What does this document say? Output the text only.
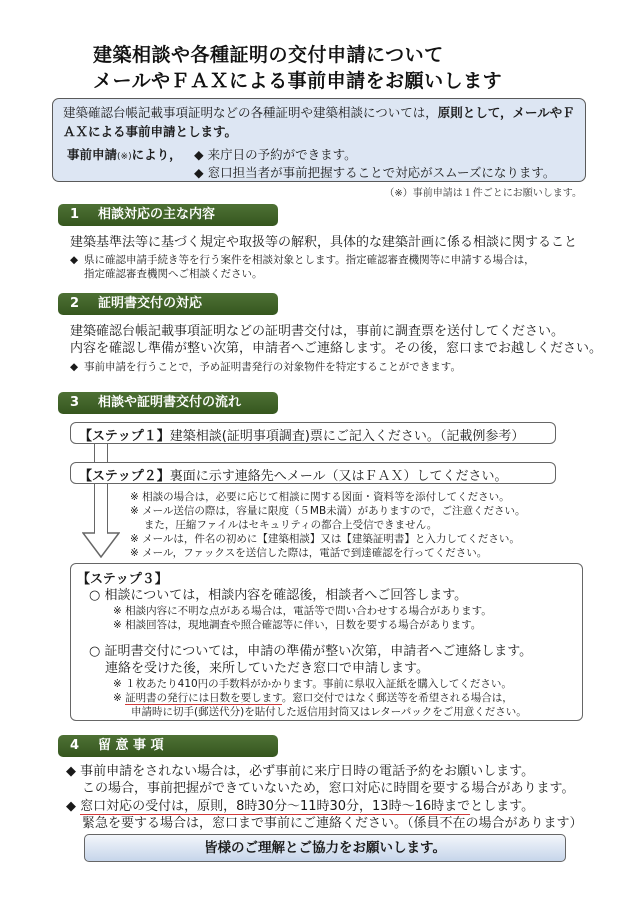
建築相談や各種証明の交付申請について
メールやＦＡＸによる事前申請をお願いします
建築確認台帳記載事項証明などの各種証明や建築相談については，原則として，メールやＦＡＸによる事前申請とします。
事前申請(※)により， ◆ 来庁日の予約ができます。
◆ 窓口担当者が事前把握することで対応がスムーズになります。
（※）事前申請は１件ごとにお願いします。
1 相談対応の主な内容
建築基準法等に基づく規定や取扱等の解釈，具体的な建築計画に係る相談に関すること
◆ 県に確認申請手続き等を行う案件を相談対象とします。指定確認審査機関等に申請する場合は，
指定確認審査機関へご相談ください。
2 証明書交付の対応
建築確認台帳記載事項証明などの証明書交付は，事前に調査票を送付してください。
内容を確認し準備が整い次第，申請者へご連絡します。その後，窓口までお越しください。
◆ 事前申請を行うことで，予め証明書発行の対象物件を特定することができます。
3 相談や証明書交付の流れ
【ステップ１】建築相談(証明事項調査)票にご記入ください。（記載例参考）
【ステップ２】裏面に示す連絡先へメール（又はＦＡＸ）してください。
※ 相談の場合は，必要に応じて相談に関する図面・資料等を添付してください。
※ メール送信の際は，容量に限度（５MB未満）がありますので，ご注意ください。
　 また，圧縮ファイルはセキュリティの都合上受信できません。
※ メールは，件名の初めに【建築相談】又は【建築証明書】と入力してください。
※ メール，ファックスを送信した際は，電話で到達確認を行ってください。
【ステップ３】
○ 相談については，相談内容を確認後，相談者へご回答します。
※ 相談内容に不明な点がある場合は，電話等で問い合わせする場合があります。
※ 相談回答は，現地調査や照合確認等に伴い，日数を要する場合があります。
○ 証明書交付については，申請の準備が整い次第，申請者へご連絡します。
連絡を受けた後，来所していただき窓口で申請します。
※ １枚あたり410円の手数料がかかります。事前に県収入証紙を購入してください。
※ 証明書の発行には日数を要します。窓口交付ではなく郵送等を希望される場合は，
申請時に切手(郵送代分)を貼付した返信用封筒又はレターパックをご用意ください。
4 留 意 事 項
◆ 事前申請をされない場合は，必ず事前に来庁日時の電話予約をお願いします。
この場合，事前把握ができていないため，窓口対応に時間を要する場合があります。
◆ 窓口対応の受付は，原則，8時30分～11時30分，13時～16時までとします。
緊急を要する場合は，窓口まで事前にご連絡ください。（係員不在の場合があります）
皆様のご理解とご協力をお願いします。
